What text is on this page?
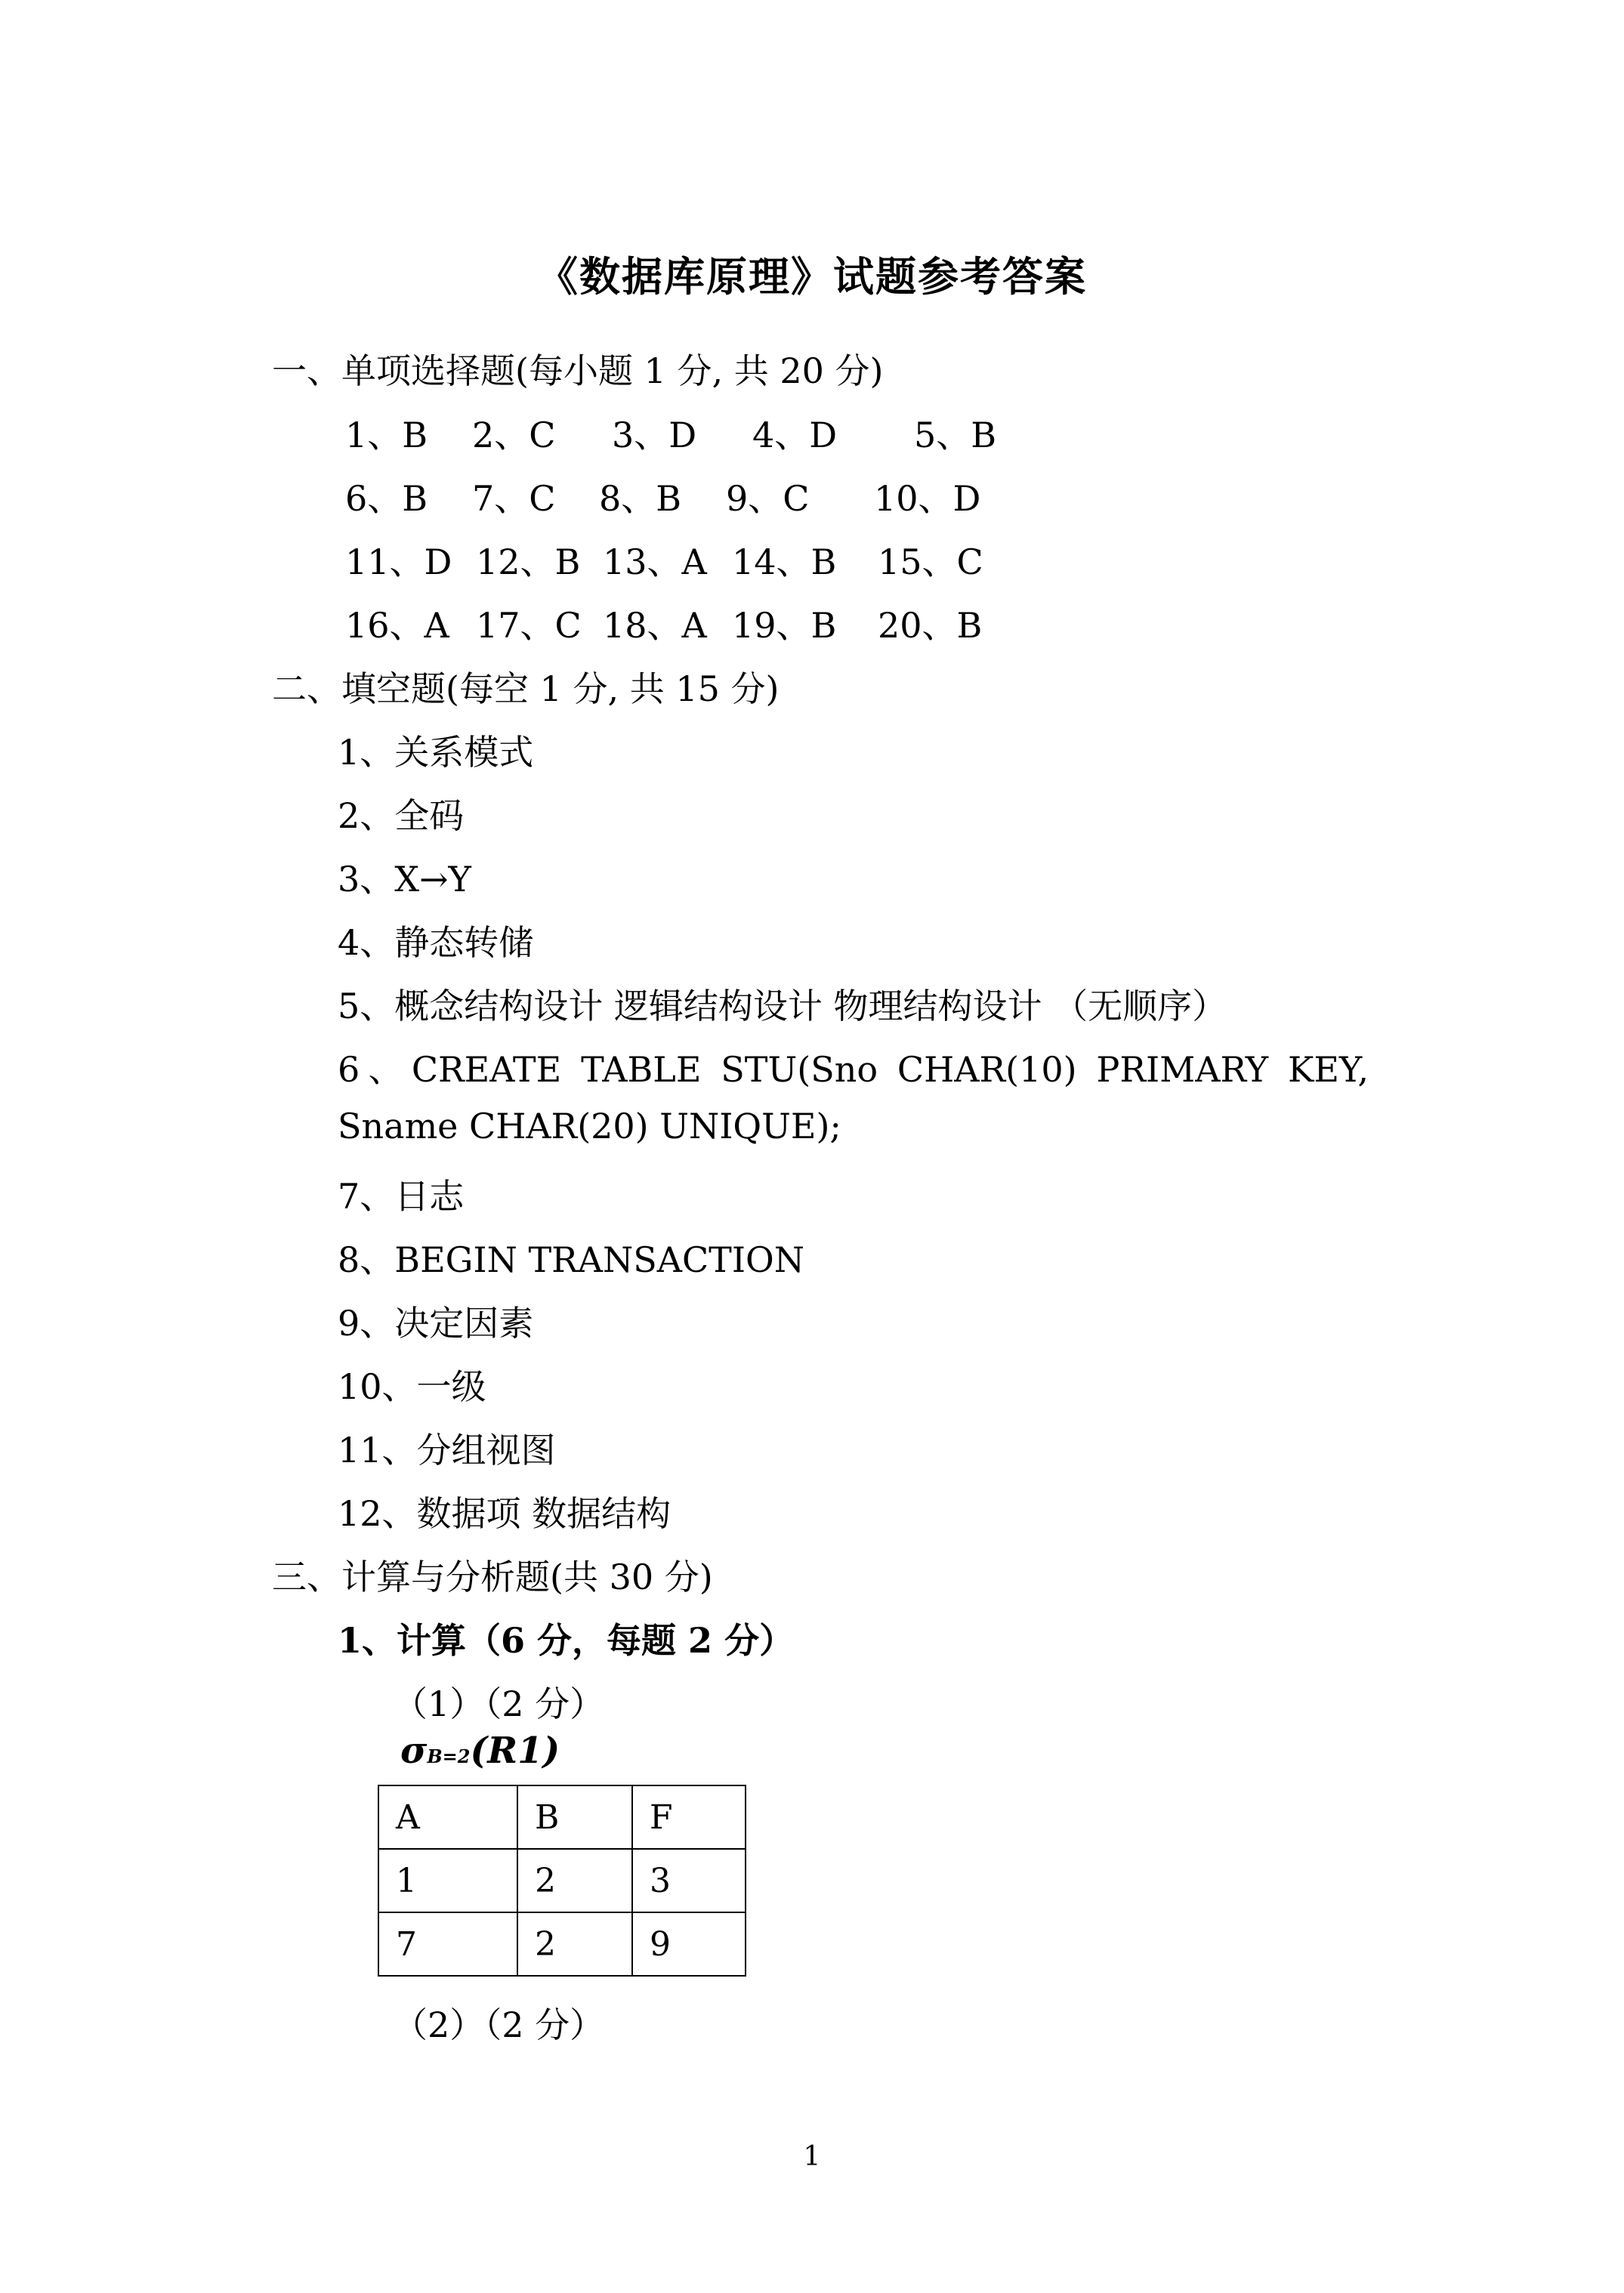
《数据库原理》试题参考答案
一、单项选择题(每小题 1 分, 共 20 分)
1、B 2、C 3、D 4、D 5、B
6、B 7、C 8、B 9、C 10、D
11、D 12、B 13、A 14、B 15、C
16、A 17、C 18、A 19、B 20、B
二、填空题(每空 1 分, 共 15 分)
1、关系模式
2、全码
3、X→Y
4、静态转储
5、概念结构设计 逻辑结构设计 物理结构设计 （无顺序）
6、CREATE TABLE STU(Sno CHAR(10) PRIMARY KEY,
Sname CHAR(20) UNIQUE);
7、日志
8、BEGIN TRANSACTION
9、决定因素
10、一级
11、分组视图
12、数据项 数据结构
三、计算与分析题(共 30 分)
1、计算（6 分，每题 2 分）
（1）（2 分）
σB=2(R1)
A	B	F
1	2	3
7	2	9
（2）（2 分）
1
